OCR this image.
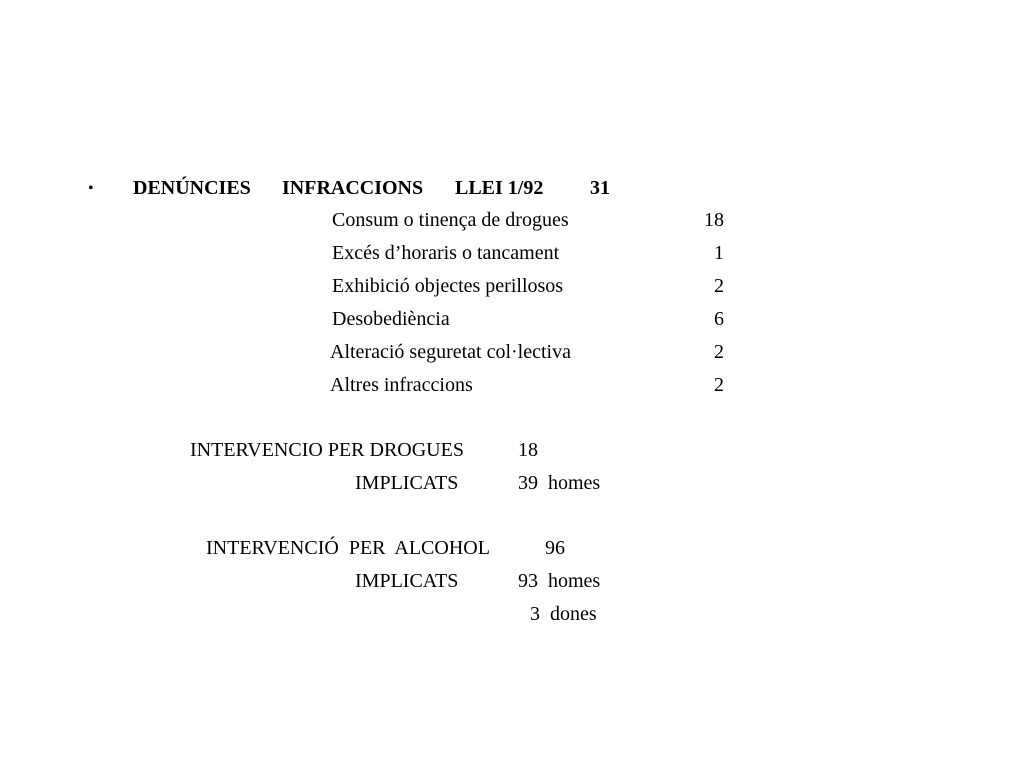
• DENÚNCIES INFRACCIONS LLEI 1/92 31
Consum o tinença de drogues	18
Excés d’horaris o tancament	1
Exhibició objectes perillosos	2
Desobediència	6
Alteració seguretat col·lectiva	2
Altres infraccions	2
INTERVENCIO PER DROGUES	18
IMPLICATS	39  homes
INTERVENCIÓ  PER  ALCOHOL	96
IMPLICATS	93  homes
3  dones
